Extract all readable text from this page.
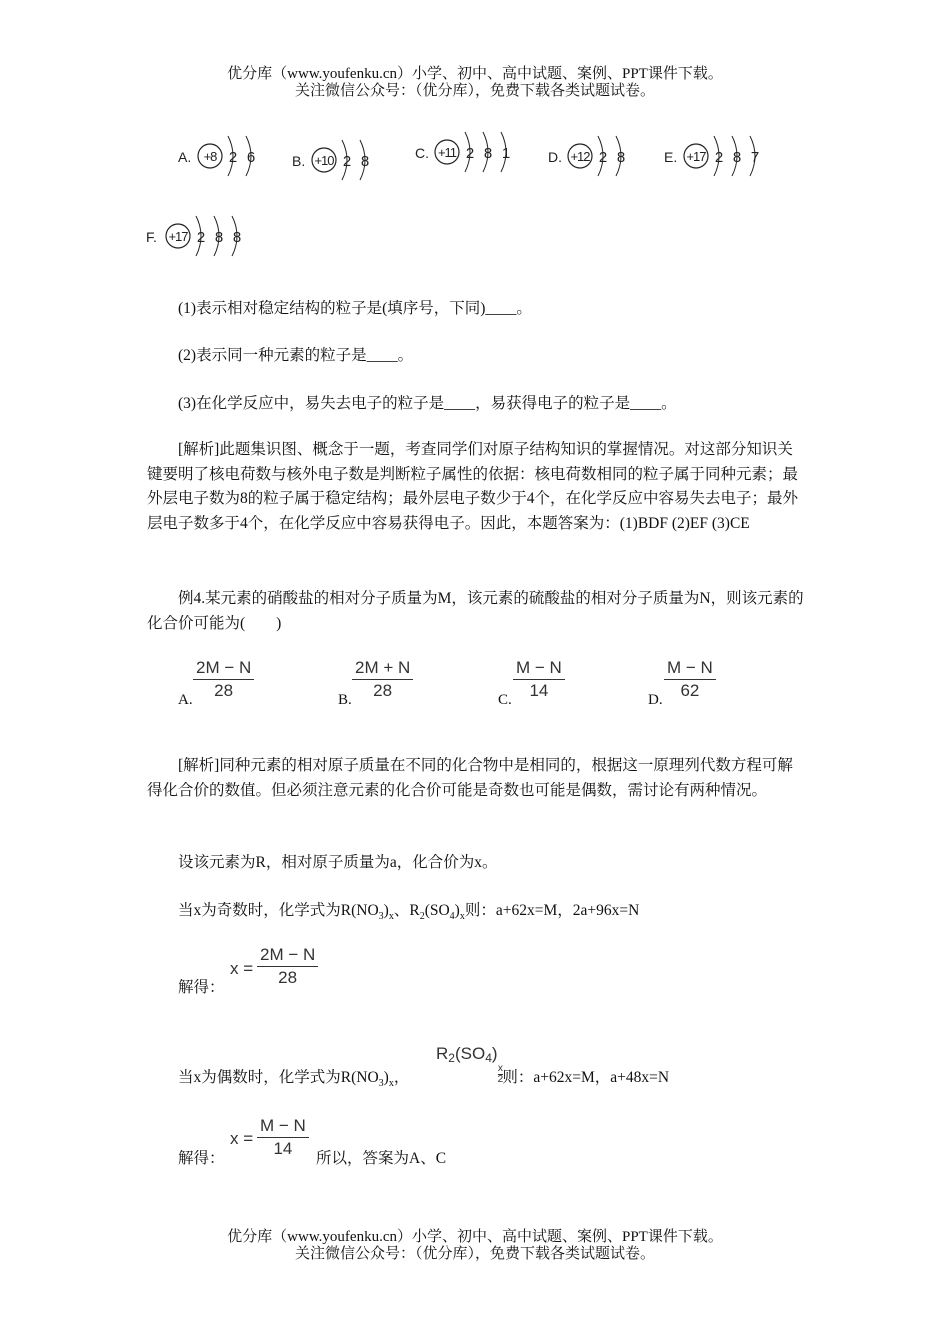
优分库（www.youfenku.cn）小学、初中、高中试题、案例、PPT课件下载。
关注微信公众号：（优分库），免费下载各类试题试卷。
A. +8 2 6	B. +10 2 8	C. +11 2 8 1	D. +12 2 8	E. +17 2 8 7
F. +17 2 8 8
(1)表示相对稳定结构的粒子是(填序号，下同)____。
(2)表示同一种元素的粒子是____。
(3)在化学反应中，易失去电子的粒子是____，易获得电子的粒子是____。
[解析]此题集识图、概念于一题，考查同学们对原子结构知识的掌握情况。对这部分知识关键要明了核电荷数与核外电子数是判断粒子属性的依据：核电荷数相同的粒子属于同种元素；最外层电子数为8的粒子属于稳定结构；最外层电子数少于4个，在化学反应中容易失去电子；最外层电子数多于4个，在化学反应中容易获得电子。因此，本题答案为：(1)BDF (2)EF (3)CE
例4.某元素的硝酸盐的相对分子质量为M，该元素的硫酸盐的相对分子质量为N，则该元素的化合价可能为(　　)
A. $\frac{2M - N}{28}$	B. $\frac{2M + N}{28}$	C. $\frac{M - N}{14}$	D. $\frac{M - N}{62}$
[解析]同种元素的相对原子质量在不同的化合物中是相同的，根据这一原理列代数方程可解得化合价的数值。但必须注意元素的化合价可能是奇数也可能是偶数，需讨论有两种情况。
设该元素为R，相对原子质量为a，化合价为x。
当x为奇数时，化学式为$R(NO_3)_x$、$R_2(SO_4)_x$则：a+62x=M，2a+96x=N
解得：
$x = \frac{2M - N}{28}$
当x为偶数时，化学式为$R(NO_3)_x$，	则：a+62x=M，a+48x=N
R2(SO4)
$\frac{x}{2}$
解得：
$x = \frac{M - N}{14}$ 所以，答案为A、C
优分库（www.youfenku.cn）小学、初中、高中试题、案例、PPT课件下载。
关注微信公众号：（优分库），免费下载各类试题试卷。
